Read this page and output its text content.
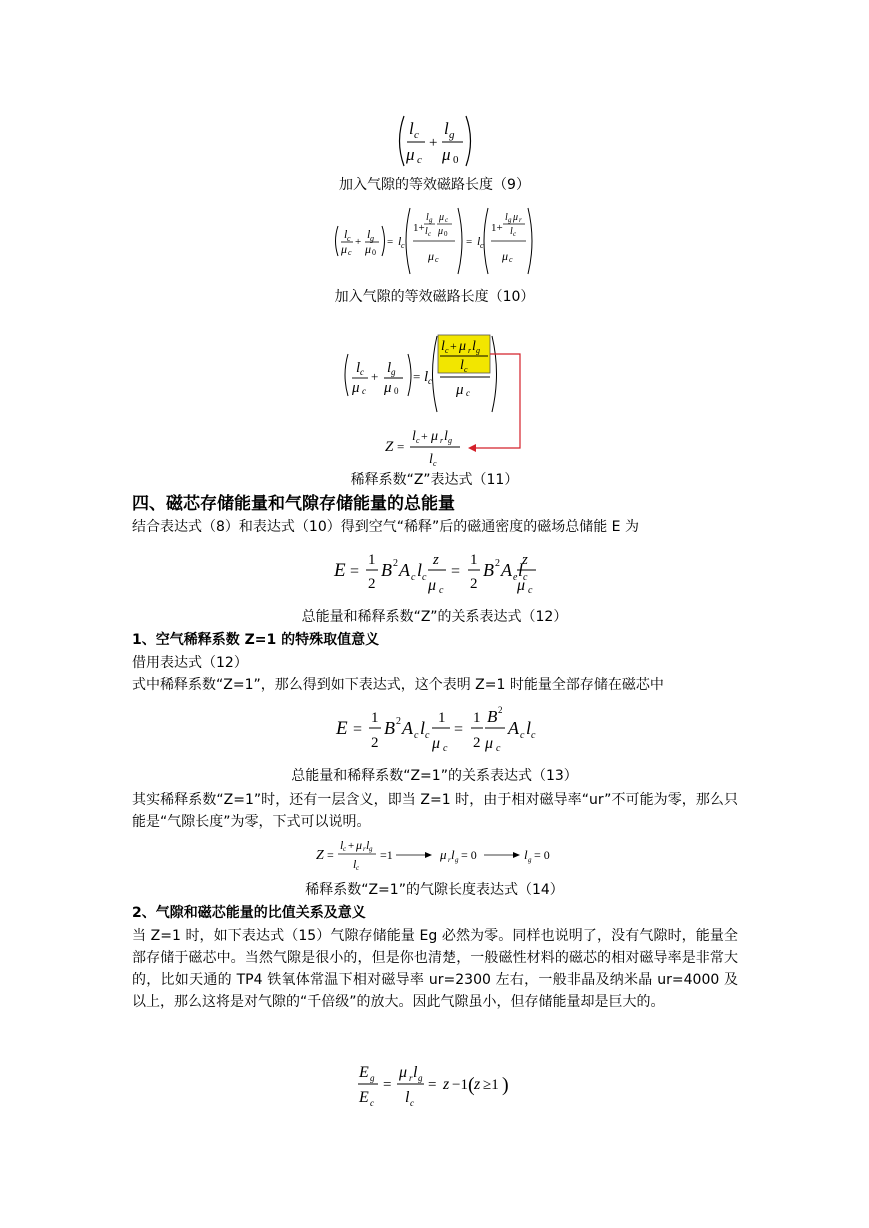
l c
μ c
+
l g
μ 0
加入气隙的等效磁路长度（9）
l c
μ c
+
l g
μ 0
= l c
1+
l g
l c
μ c
μ 0
μ c
= l c
1+
l g μ r
l c
μ c
加入气隙的等效磁路长度（10）
l c
μ c
+
l g
μ 0
= l c
l c + μ r l g
l c
μ c
Z =
l c + μ r l g
l c
稀释系数“Z”表达式（11）
四、磁芯存储能量和气隙存储能量的总能量
结合表达式（8）和表达式（10）得到空气“稀释”后的磁通密度的磁场总储能 E 为
E =
1
2
B 2 A c l c
z
μ c
=
1
2
B 2 A e l c
z
μ c
总能量和稀释系数“Z”的关系表达式（12）
1、空气稀释系数 Z=1 的特殊取值意义
借用表达式（12）
式中稀释系数“Z=1”，那么得到如下表达式，这个表明 Z=1 时能量全部存储在磁芯中
E =
1
2
B 2 A c l c
1
μ c
=
1
2
B 2
μ c
A c l c
总能量和稀释系数“Z=1”的关系表达式（13）
其实稀释系数“Z=1”时，还有一层含义，即当 Z=1 时，由于相对磁导率“ur”不可能为零，那么只能是“气隙长度”为零，下式可以说明。
Z =
l c + μ r l g
l c
=1	μ r l g = 0	l g = 0
稀释系数“Z=1”的气隙长度表达式（14）
2、气隙和磁芯能量的比值关系及意义
当 Z=1 时，如下表达式（15）气隙存储能量 Eg 必然为零。同样也说明了，没有气隙时，能量全部存储于磁芯中。当然气隙是很小的，但是你也清楚，一般磁性材料的磁芯的相对磁导率是非常大的，比如天通的 TP4 铁氧体常温下相对磁导率 ur=2300 左右，一般非晶及纳米晶 ur=4000 及以上，那么这将是对气隙的“千倍级”的放大。因此气隙虽小，但存储能量却是巨大的。
E g
E c
=
μ r l g
l c
= z −1 ( z ≥1 )
